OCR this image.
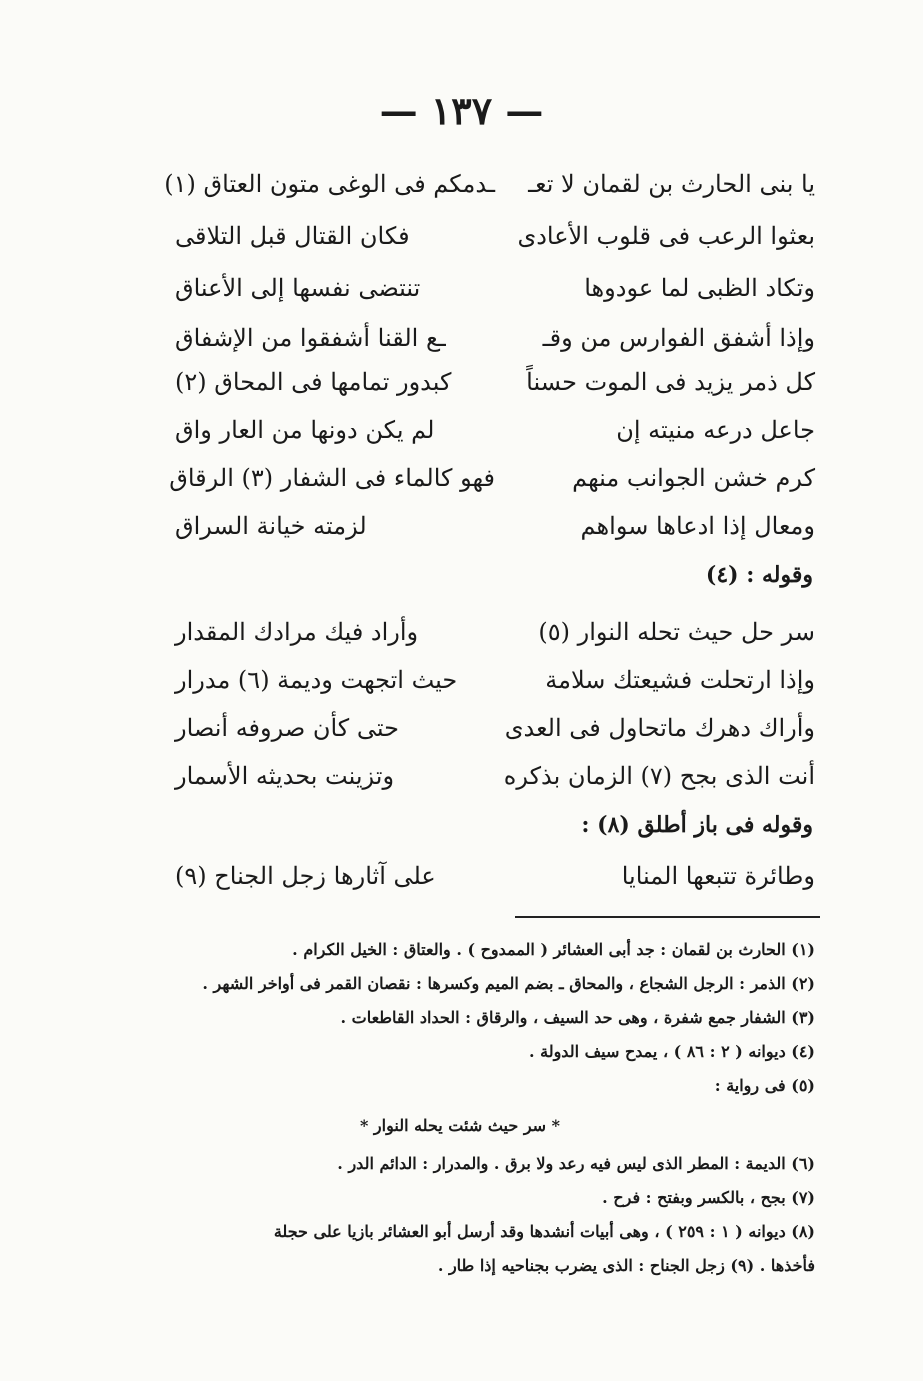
— ١٣٧ —
يا بنى الحارث بن لقمان لا تعـ
ـدمكم فى الوغى متون العتاق (١)
بعثوا الرعب فى قلوب الأعادى
فكان القتال قبل التلاقى
وتكاد الظبى لما عودوها
تنتضى نفسها إلى الأعناق
وإذا أشفق الفوارس من وقـ
ـع القنا أشفقوا من الإشفاق
كل ذمر يزيد فى الموت حسناً
كبدور تمامها فى المحاق (٢)
جاعل درعه منيته إن
لم يكن دونها من العار واق
كرم خشن الجوانب منهم
فهو كالماء فى الشفار (٣) الرقاق
ومعال إذا ادعاها سواهم
لزمته خيانة السراق
وقوله : (٤)
سر حل حيث تحله النوار (٥)
وأراد فيك مرادك المقدار
وإذا ارتحلت فشيعتك سلامة
حيث اتجهت وديمة (٦) مدرار
وأراك دهرك ماتحاول فى العدى
حتى كأن صروفه أنصار
أنت الذى بجح (٧) الزمان بذكره
وتزينت بحديثه الأسمار
وقوله فى باز أطلق (٨) :
وطائرة تتبعها المنايا
على آثارها زجل الجناح (٩)
(١) الحارث بن لقمان : جد أبى العشائر ( الممدوح ) . والعتاق : الخيل الكرام .
(٢) الذمر : الرجل الشجاع ، والمحاق ـ بضم الميم وكسرها : نقصان القمر فى أواخر الشهر .
(٣) الشفار جمع شفرة ، وهى حد السيف ، والرقاق : الحداد القاطعات .
(٤) ديوانه ( ٢ : ٨٦ ) ، يمدح سيف الدولة .
(٥) فى رواية :
* سر حيث شئت يحله النوار *
(٦) الديمة : المطر الذى ليس فيه رعد ولا برق . والمدرار : الدائم الدر .
(٧) بجح ، بالكسر وبفتح : فرح .
(٨) ديوانه ( ١ : ٢٥٩ ) ، وهى أبيات أنشدها وقد أرسل أبو العشائر بازيا على حجلة
فأخذها . (٩) زجل الجناح : الذى يضرب بجناحيه إذا طار .
